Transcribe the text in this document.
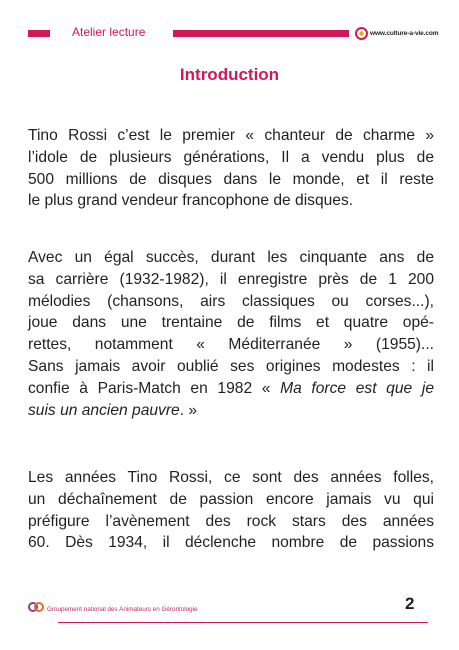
Atelier lecture	www.culture-a-vie.com
Introduction

Tino Rossi c’est le premier « chanteur de charme »
l’idole de plusieurs générations, Il a vendu plus de
500 millions de disques dans le monde, et il reste
le plus grand vendeur francophone de disques.

Avec un égal succès, durant les cinquante ans de
sa carrière (1932-1982), il enregistre près de 1 200
mélodies (chansons, airs classiques ou corses...),
joue dans une trentaine de films et quatre opé-
rettes, notamment « Méditerranée » (1955)...
Sans jamais avoir oublié ses origines modestes : il
confie à Paris-Match en 1982 « Ma force est que je
suis un ancien pauvre. »

Les années Tino Rossi, ce sont des années folles,
un déchaînement de passion encore jamais vu qui
préfigure l’avènement des rock stars des années
60. Dès 1934, il déclenche nombre de passions

Groupement national des Animateurs en Gérontologie	2
